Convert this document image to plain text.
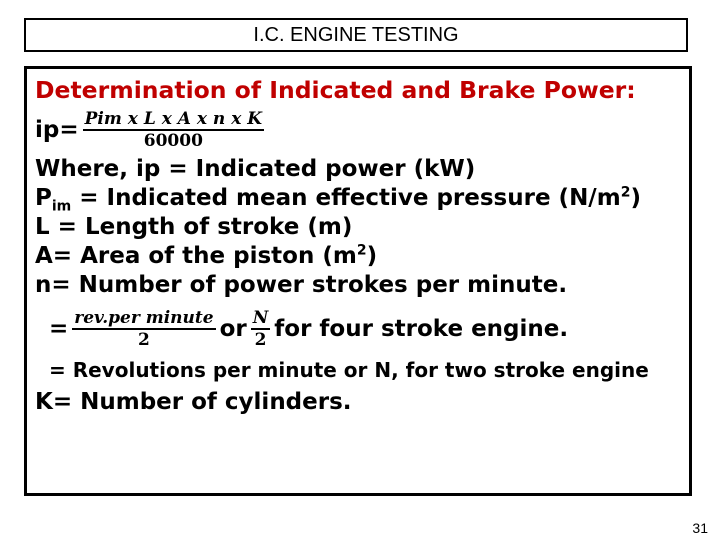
I.C. ENGINE TESTING
Determination of Indicated and Brake Power:
$ip= \frac{\text{Pim x L x A x n x K}}{60000}$
Where, ip = Indicated power (kW)
$P_{im}$ = Indicated mean effective pressure $(N/m^2)$
L = Length of stroke (m)
A= Area of the piston $(m^2)$
n= Number of power strokes per minute.
= $\frac{\text{rev.per minute}}{2}$ or $\frac{N}{2}$ for four stroke engine.
= Revolutions per minute or N, for two stroke engine
K= Number of cylinders.
31
